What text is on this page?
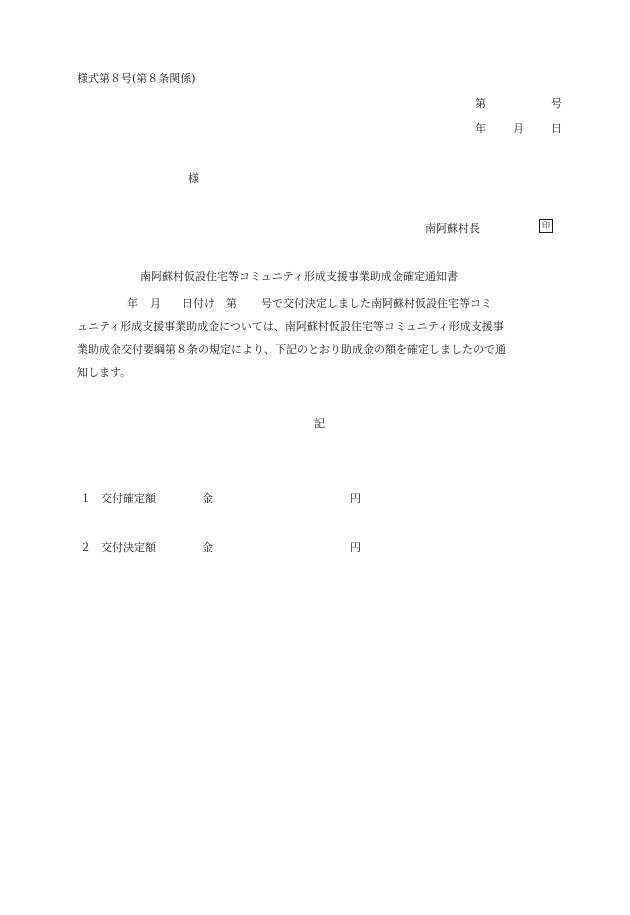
様式第８号(第８条関係)
第	号
年 月 日
様
南阿蘇村長	印
南阿蘇村仮設住宅等コミュニティ形成支援事業助成金確定通知書
年 月 日付け 第 号で交付決定しました南阿蘇村仮設住宅等コミ
ュニティ形成支援事業助成金については、南阿蘇村仮設住宅等コミュニティ形成支援事
業助成金交付要綱第８条の規定により、下記のとおり助成金の額を確定しましたので通
知します。
記
１ 交付確定額	金	円
２ 交付決定額	金	円
